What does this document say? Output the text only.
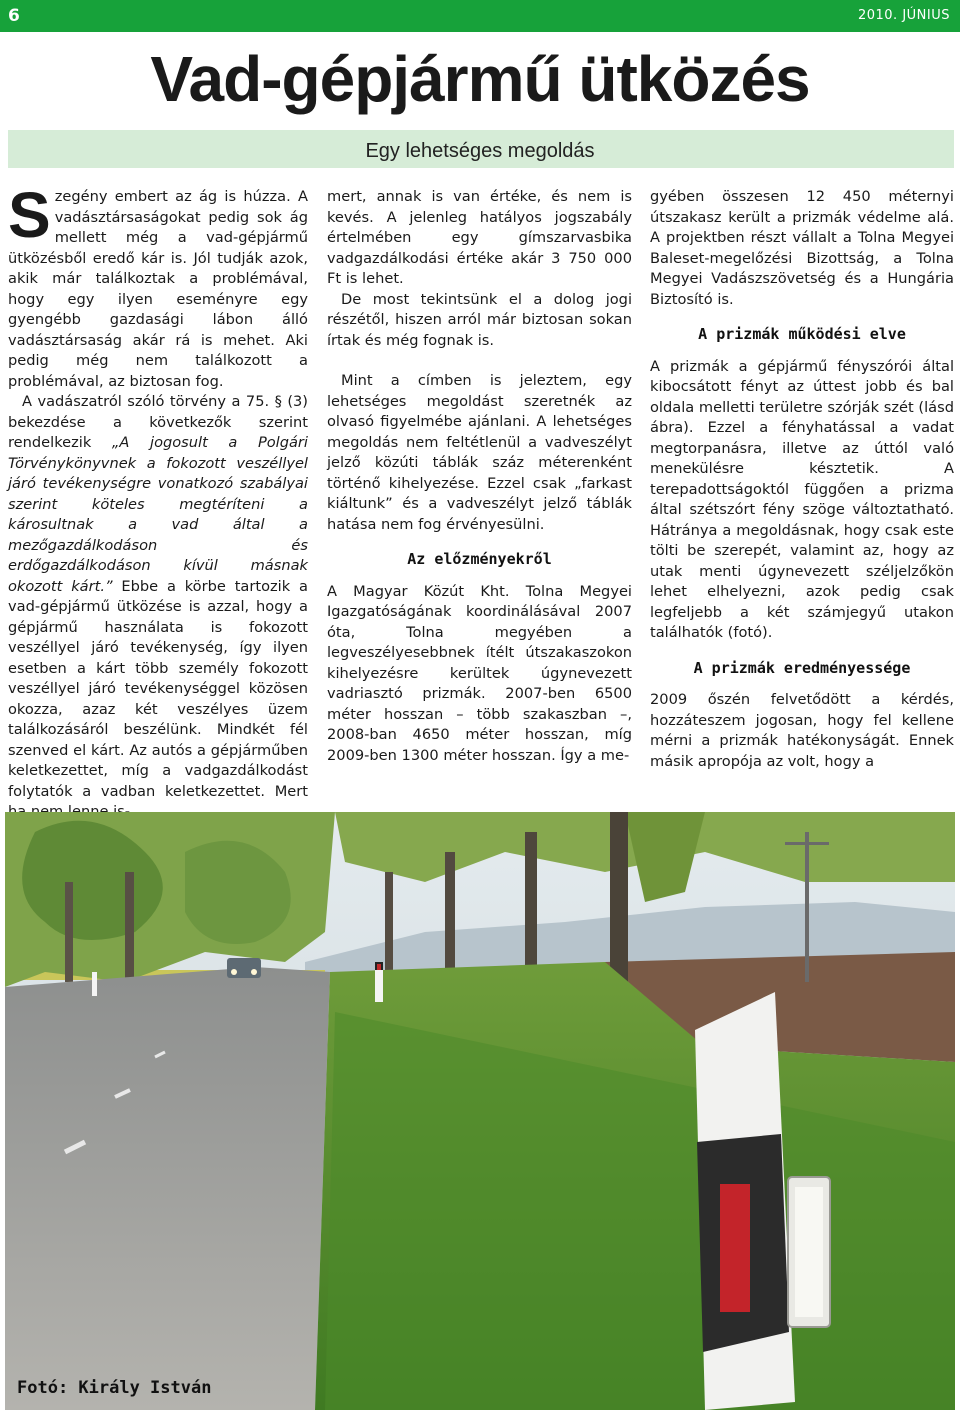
6	2010. JÚNIUS
Vad-gépjármű ütközés
Egy lehetséges megoldás

Szegény embert az ág is húzza. A vadásztársaságokat pedig sok ág mellett még a vad-gépjármű ütközésből eredő kár is. Jól tudják azok, akik már találkoztak a problémával, hogy egy ilyen eseményre egy gyengébb gazdasági lábon álló vadásztársaság akár rá is mehet. Aki pedig még nem találkozott a problémával, az biztosan fog.

A vadászatról szóló törvény a 75. § (3) bekezdése a következők szerint rendelkezik „A jogosult a Polgári Törvénykönyvnek a fokozott veszéllyel járó tevékenységre vonatkozó szabályai szerint köteles megtéríteni a károsultnak a vad által a mezőgazdálkodáson és erdőgazdálkodáson kívül másnak okozott kárt.” Ebbe a körbe tartozik a vad-gépjármű ütközése is azzal, hogy a gépjármű használata is fokozott veszéllyel járó tevékenység, így ilyen esetben a kárt több személy fokozott veszéllyel járó tevékenységgel közösen okozza, azaz két veszélyes üzem találkozásáról beszélünk. Mindkét fél szenved el kárt. Az autós a gépjárműben keletkezettet, míg a vadgazdálkodást folytatók a vadban keletkezettet. Mert

mert, annak is van értéke, és nem is kevés. A jelenleg hatályos jogszabály értelmében egy gímszarvasbika vadgazdálkodási értéke akár 3 750 000 Ft is lehet.

De most tekintsünk el a dolog jogi részétől, hiszen arról már biztosan sokan írtak és még fognak is.

Mint a címben is jeleztem, egy lehetséges megoldást szeretnék az olvasó figyelmébe ajánlani. A lehetséges megoldás nem feltétlenül a vadveszélyt jelző közúti táblák száz méterenként történő kihelyezése. Ezzel csak „farkast kiáltunk” és a vadveszélyt jelző táblák hatása nem fog érvényesülni.

Az előzményekről

A Magyar Közút Kht. Tolna Megyei Igazgatóságának koordinálásával 2007 óta, Tolna megyében a legveszélyesebbnek ítélt útszakaszokon kihelyezésre kerültek úgynevezett vadriasztó prizmák. 2007-ben 6500 méter hosszan – több szakaszban –, 2008-ban 4650 méter hosszan, míg 2009-ben 1300 méter hosszan. Így a me-

gyében összesen 12 450 méternyi útszakasz került a prizmák védelme alá. A projektben részt vállalt a Tolna Megyei Baleset-megelőzési Bizottság, a Tolna Megyei Vadászszövetség és a Hungária Biztosító is.

A prizmák működési elve

A prizmák a gépjármű fényszórói által kibocsátott fényt az úttest jobb és bal oldala melletti területre szórják szét (lásd ábra). Ezzel a fényhatással a vadat megtorpanásra, illetve az úttól való menekülésre késztetik. A terepadottságoktól függően a prizma által szétszórt fény szöge változtatható. Hátránya a megoldásnak, hogy csak este tölti be szerepét, valamint az, hogy az utak menti úgynevezett széljelzőkön lehet elhelyezni, azok pedig csak legfeljebb a két számjegyű utakon találhatók (fotó).

A prizmák eredményessége

2009 őszén felvetődött a kérdés, hozzáteszem jogosan, hogy fel kellene mérni a prizmák hatékonyságát. Ennek másik apropója az volt, hogy a

Fotó: Király István
